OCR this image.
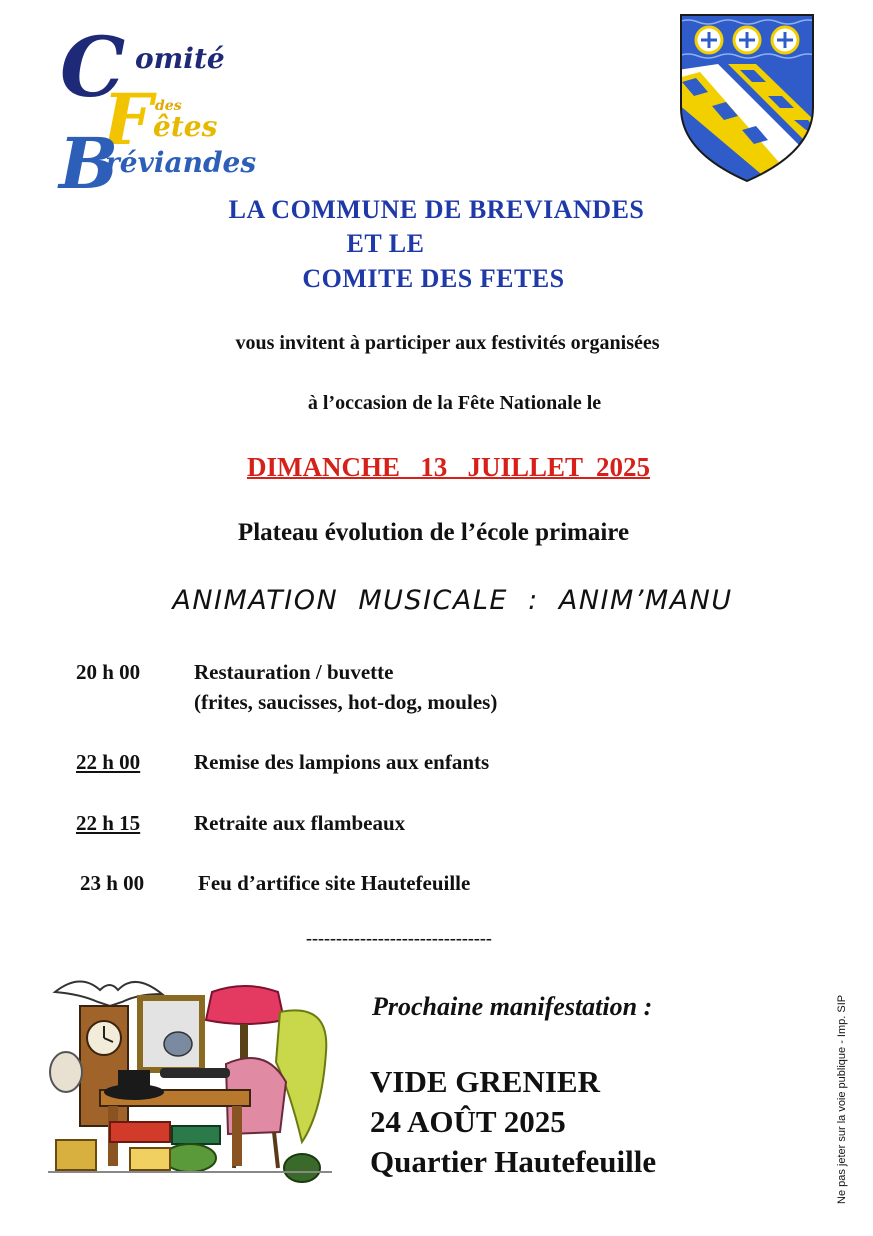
C omité
F des
êtes
B
réviandes
LA COMMUNE DE BREVIANDES
ET LE
COMITE DES FETES
vous invitent à participer aux festivités organisées
à l’occasion de la Fête Nationale le
DIMANCHE   13   JUILLET  2025
Plateau évolution de l’école primaire
ANIMATION  MUSICALE  :  ANIM’MANU
20 h 00	Restauration / buvette
(frites, saucisses, hot-dog, moules)
22 h 00	Remise des lampions aux enfants
22 h 15	Retraite aux flambeaux
23 h 00	Feu d’artifice site Hautefeuille
-------------------------------
Prochaine manifestation :
VIDE GRENIER
24 AOÛT 2025
Quartier Hautefeuille	Ne pas jeter sur la voie publique - Imp. SIP
